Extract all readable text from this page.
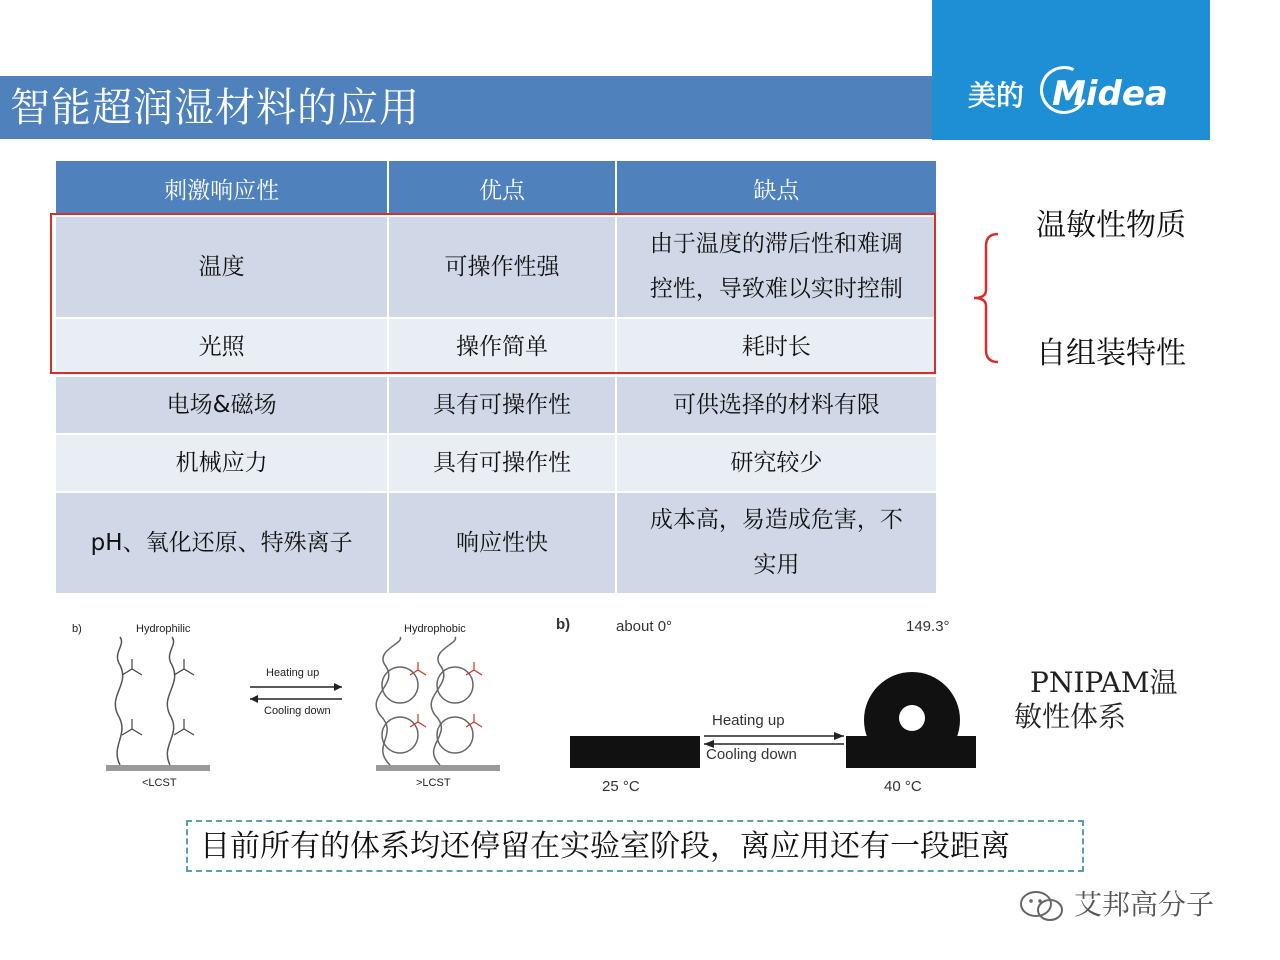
智能超润湿材料的应用	美的 Midea
刺激响应性	优点	缺点
温度	可操作性强	由于温度的滞后性和难调
控性，导致难以实时控制

光照	操作简单	耗时长
电场&磁场	具有可操作性	可供选择的材料有限
机械应力	具有可操作性	研究较少
pH、氧化还原、特殊离子	响应性快	成本高，易造成危害，不
实用
温敏性物质
自组装特性
b)	Hydrophilic	Hydrophobic
Heating up
Cooling down
<LCST	>LCST
b)	about 0°	149.3°
Heating up
Cooling down
25 °C	40 °C
PNIPAM温
敏性体系
目前所有的体系均还停留在实验室阶段，离应用还有一段距离
艾邦高分子
